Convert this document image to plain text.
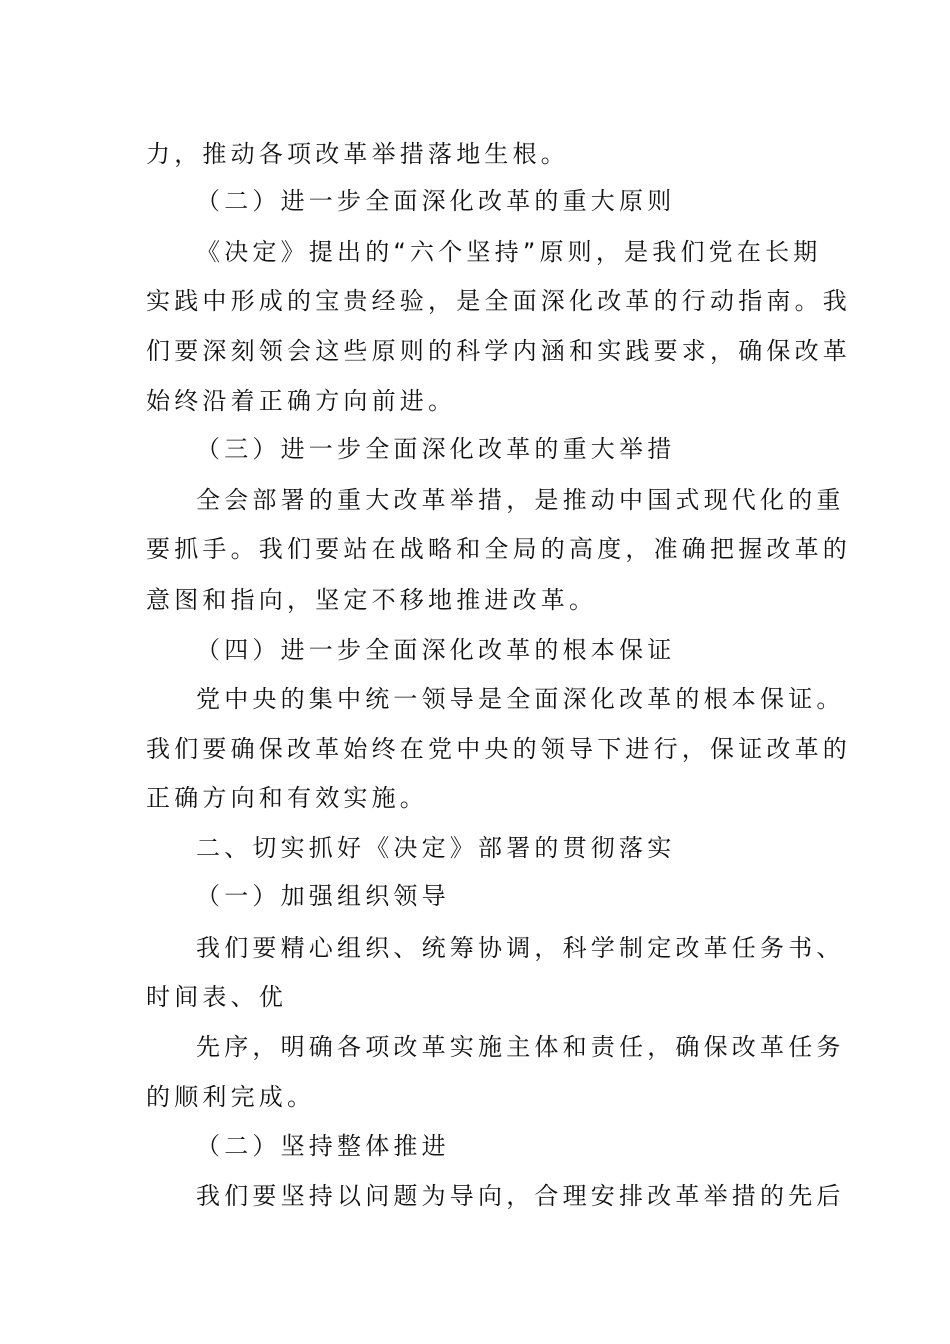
力，推动各项改革举措落地生根。
（二）进一步全面深化改革的重大原则
《决定》提出的“六个坚持”原则，是我们党在长期
实践中形成的宝贵经验，是全面深化改革的行动指南。我
们要深刻领会这些原则的科学内涵和实践要求，确保改革
始终沿着正确方向前进。
（三）进一步全面深化改革的重大举措
全会部署的重大改革举措，是推动中国式现代化的重
要抓手。我们要站在战略和全局的高度，准确把握改革的
意图和指向，坚定不移地推进改革。
（四）进一步全面深化改革的根本保证
党中央的集中统一领导是全面深化改革的根本保证。
我们要确保改革始终在党中央的领导下进行，保证改革的
正确方向和有效实施。
二、切实抓好《决定》部署的贯彻落实
（一）加强组织领导
我们要精心组织、统筹协调，科学制定改革任务书、
时间表、优
先序，明确各项改革实施主体和责任，确保改革任务
的顺利完成。
（二）坚持整体推进
我们要坚持以问题为导向，合理安排改革举措的先后
